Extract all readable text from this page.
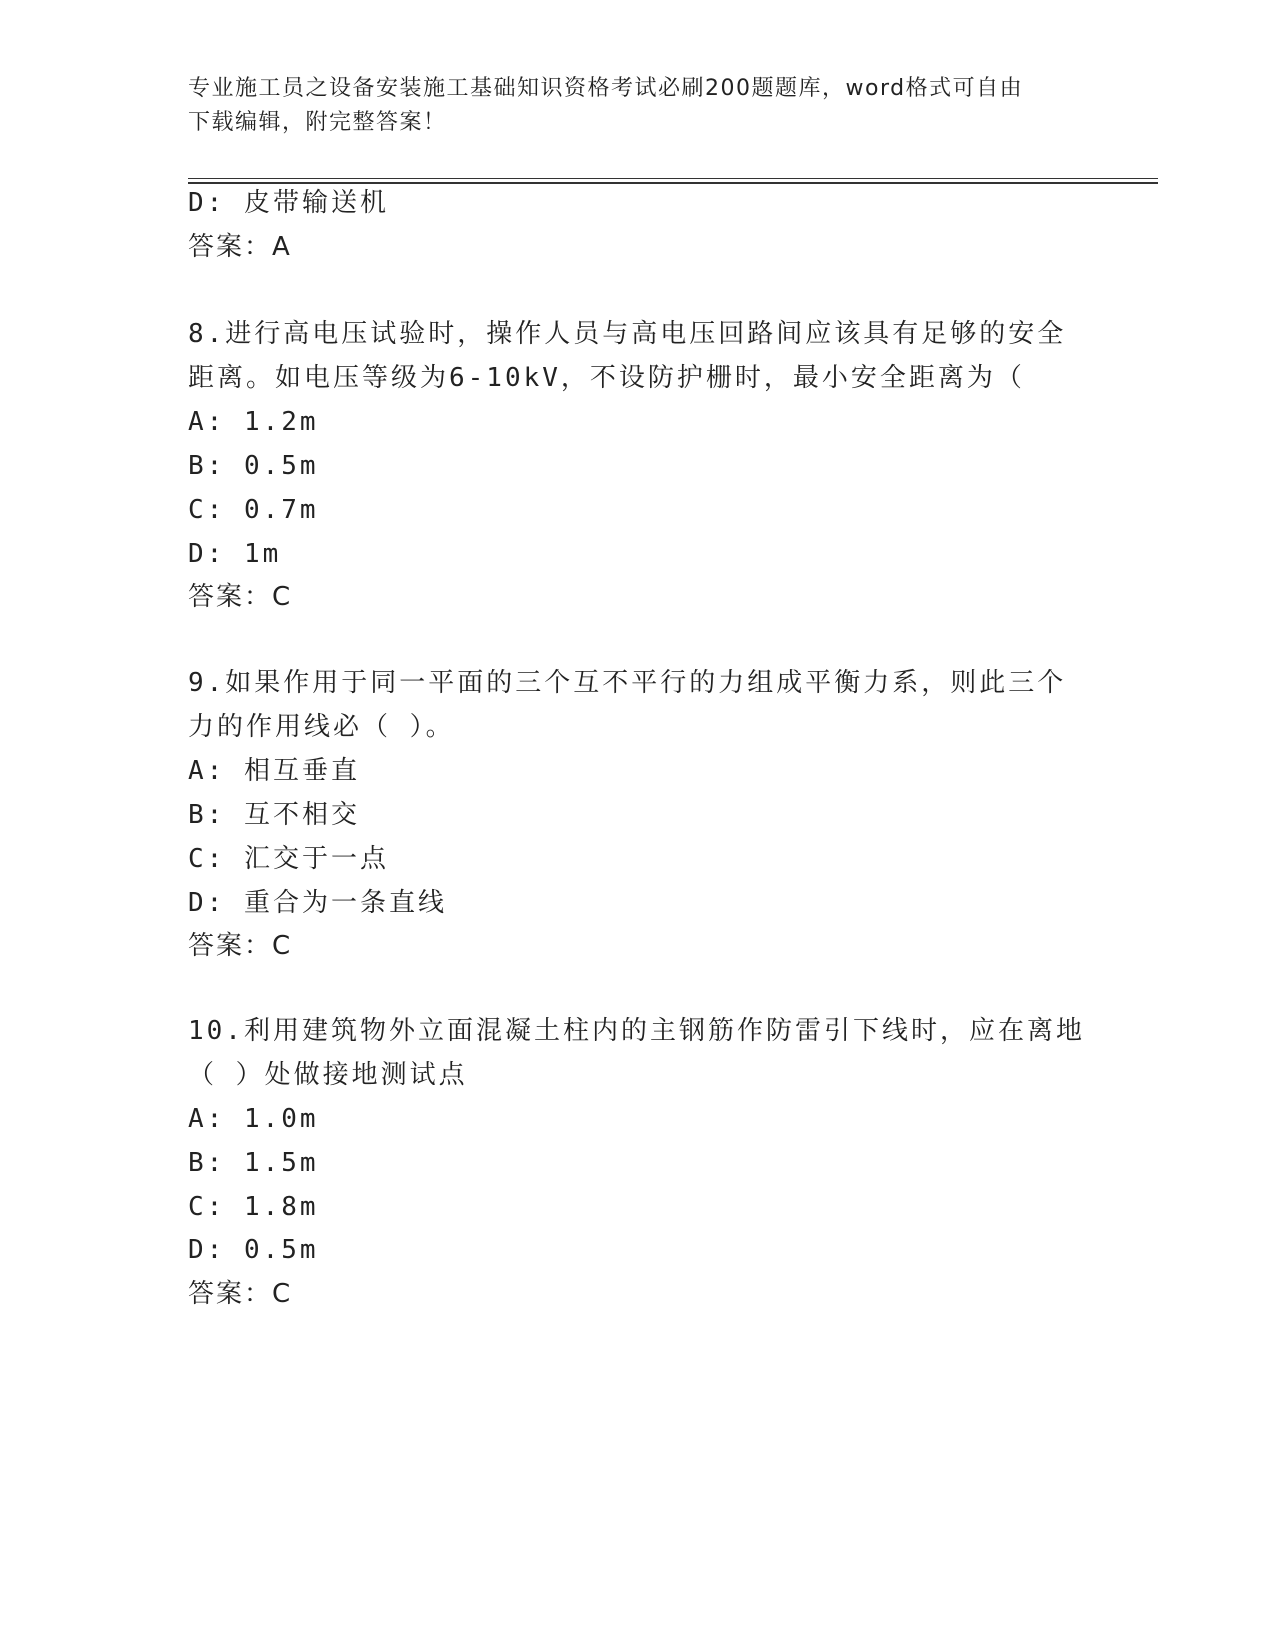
专业施工员之设备安装施工基础知识资格考试必刷200题题库，word格式可自由
下载编辑，附完整答案！
D: 皮带输送机
答案：A
8.进行高电压试验时，操作人员与高电压回路间应该具有足够的安全
距离。如电压等级为6-10kV，不设防护栅时，最小安全距离为（
A: 1.2m
B: 0.5m
C: 0.7m
D: 1m
答案：C
9.如果作用于同一平面的三个互不平行的力组成平衡力系，则此三个
力的作用线必（ ）。
A: 相互垂直
B: 互不相交
C: 汇交于一点
D: 重合为一条直线
答案：C
10.利用建筑物外立面混凝土柱内的主钢筋作防雷引下线时，应在离地
（ ）处做接地测试点
A: 1.0m
B: 1.5m
C: 1.8m
D: 0.5m
答案：C
